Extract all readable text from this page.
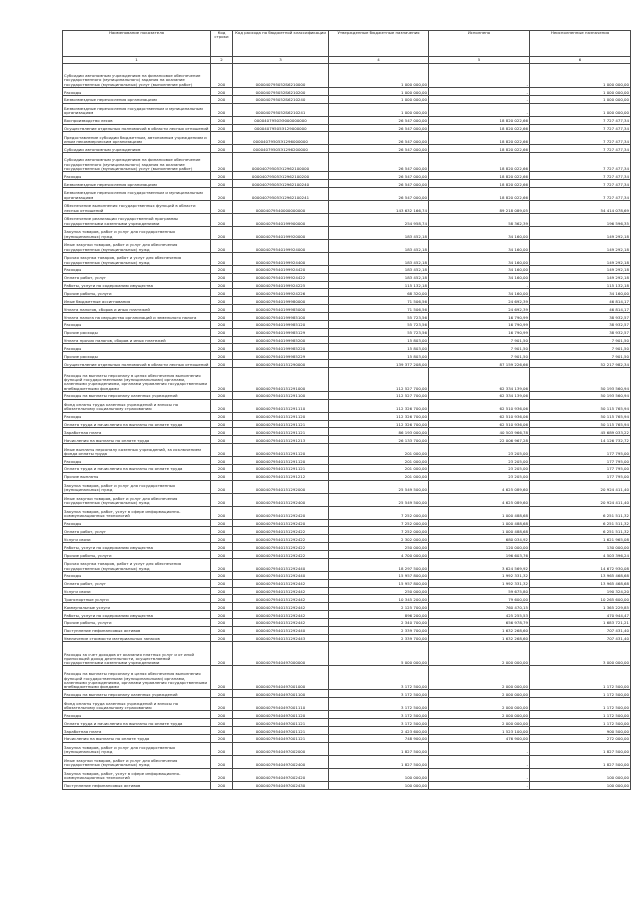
Наименование показателя	Код строки	Код расхода по бюджетной классификации	Утвержденные бюджетные назначения	Исполнено	Неисполненные назначения
1	2	3	4	5	6
Субсидии автономным учреждениям на финансовое обеспечение государственного (муниципального) задания на оказание государственных (муниципальных) услуг (выполнение работ)	200	000040795052Б6210000	1 000 000,00	-	1 000 000,00
Расходы	200	000040795052Б6210200	1 000 000,00	-	1 000 000,00
Безвозмездные перечисления организациям	200	000040795052Б6210240	1 000 000,00	-	1 000 000,00
Безвозмездные перечисления государственным и муниципальным организациям	200	000040795052Б6210241	1 000 000,00	-	1 000 000,00
Воспроизводство лесов	200	0000407950ЭЭ000000000	26 547 000,00	18 820 022,66	7 727 477,34
Осуществление отдельных полномочий в области лесных отношений	200	00004079505Э129000000	26 547 000,00	18 820 022,66	7 727 477,34
Предоставление субсидии бюджетным, автономным учреждениям и иным некоммерческим организациям	200	00004079505Э1296000000	26 547 000,00	18 820 022,66	7 727 477,34
Субсидии автономным учреждениям	200	00004079505Э1296200000	26 547 000,00	18 820 022,66	7 727 477,34
Субсидии автономным учреждениям на финансовое обеспечение государственного (муниципального) задания на оказание государственных (муниципальных) услуг (выполнение работ)	200	00004079505Э12962100000	26 547 000,00	18 820 022,66	7 727 477,34
Расходы	200	00004079505Э12962100200	26 547 000,00	18 820 022,66	7 727 477,34
Безвозмездные перечисления организациям	200	00004079505Э12962100240	26 547 000,00	18 820 022,66	7 727 477,34
Безвозмездные перечисления государственным и муниципальным организациям	200	00004079505Э12962100241	26 547 000,00	18 820 022,66	7 727 477,34
Обеспечение выполнения государственных функций в области лесных отношений	200	00004079540000000000	143 632 166,74	89 218 089,05	54 414 078,69
Обеспечение реализации государственной программы государственными казенными учреждениями	200	00004079540199900000	254 958,74	58 362,39	196 596,35
Закупка товаров, работ и услуг для государственных (муниципальных) нужд	200	00004079540199920000	183 452,18	34 160,00	149 292,18
Иные закупки товаров, работ и услуг для обеспечения государственных (муниципальных) нужд	200	00004079540199924000	183 452,18	34 160,00	149 292,18
Прочая закупка товаров, работ и услуг для обеспечения государственных (муниципальных) нужд	200	00004079540199924400	183 452,18	34 160,00	149 292,18
Расходы	200	00004079540199924420	183 452,18	34 160,00	149 292,18
Оплата работ, услуг	200	00004079540199924422	183 452,18	34 160,00	149 292,18
Работы, услуги по содержанию имущества	200	00004079540199924225	115 132,18	-	115 132,18
Прочие работы, услуги	200	00004079540199924226	68 320,00	34 160,00	34 160,00
Иные бюджетные ассигнования	200	00004079540199980000	71 506,56	24 692,39	46 814,17
Уплата налогов, сборов и иных платежей	200	00004079540199985000	71 506,56	24 692,39	46 814,17
Уплата налога на имущество организаций и земельного налога	200	00004079540199985100	55 723,56	16 790,99	38 932,57
Расходы	200	00004079540199985120	55 723,56	16 790,99	38 932,57
Прочие расходы	200	00004079540199985129	55 723,56	16 790,99	38 932,57
Уплата прочих налогов, сборов и иных платежей	200	00004079540199985200	15 803,00	7 901,50	7 901,50
Расходы	200	00004079540199985220	15 803,00	7 901,50	7 901,50
Прочие расходы	200	00004079540199985229	15 803,00	7 901,50	7 901,50
Осуществление отдельных полномочий в области лесных отношений	200	00004079540151290000	139 377 208,00	87 159 226,66	52 217 982,34
Расходы на выплаты персоналу в целях обеспечения выполнения функций государственными (муниципальными) органами, казенными учреждениями, органами управления государственными внебюджетными фондами	200	00004079540151291000	112 527 700,00	62 334 139,06	50 193 560,94
Расходы на выплаты персоналу казенных учреждений	200	00004079540151291100	112 527 700,00	62 334 139,06	50 193 560,94
Фонд оплаты труда казенных учреждений и взносы по обязательному социальному страхованию	200	00004079540151291110	112 326 700,00	62 510 936,06	50 115 765,94
Расходы	200	00004079540151291120	112 326 700,00	62 510 936,06	50 115 765,94
Оплата труда и начисления на выплаты по оплате труда	200	00004079540151291121	112 326 700,00	62 510 936,06	50 115 765,94
Заработная плата	200	00004079540151291121	86 193 000,00	40 503 966,78	45 689 033,22
Начисления на выплаты по оплате труда	200	00004079540151291213	26 133 700,00	22 006 967,28	14 126 732,72
Иные выплаты персоналу казенных учреждений, за исключением фонда оплаты труда	200	00004079540151291120	201 000,00	23 205,00	177 795,00
Расходы	200	00004079540151291120	201 000,00	23 205,00	177 795,00
Оплата труда и начисления на выплаты по оплате труда	200	00004079540151291121	201 000,00	23 205,00	177 795,00
Прочие выплаты	200	00004079540151291212	201 000,00	23 205,00	177 795,00
Закупка товаров, работ и услуг для государственных (муниципальных) нужд	200	00004079540151292000	25 549 500,00	4 625 089,60	20 924 411,40
Иные закупки товаров, работ и услуг для обеспечения государственных (муниципальных) нужд	200	00004079540151292400	25 549 500,00	4 625 089,60	20 924 411,40
Закупка товаров, работ, услуг в сфере информационно-коммуникационных технологий	200	00004079540151292420	7 252 000,00	1 000 488,68	6 251 511,32
Расходы	200	00004079540151292420	7 252 000,00	1 000 488,68	6 251 511,32
Оплата работ, услуг	200	00004079540151292422	7 252 000,00	1 000 488,68	6 251 511,32
Услуги связи	200	00004079540151292422	2 302 000,00	680 034,92	1 621 965,08
Работы, услуги по содержанию имущества	200	00004079540151292422	250 000,00	120 000,00	130 000,00
Прочие работы, услуги	200	00004079540151292422	4 700 000,00	196 603,76	4 503 396,24
Прочая закупка товаров, работ и услуг для обеспечения государственных (муниципальных) нужд	200	00004079540151292440	18 297 500,00	3 624 569,92	14 672 930,08
Расходы	200	00004079540151292440	15 957 800,00	1 992 331,32	13 965 468,68
Оплата работ, услуг	200	00004079540151292442	15 957 800,00	1 992 331,32	13 965 468,68
Услуги связи	200	00004079540151292442	250 000,00	59 675,80	190 324,20
Транспортные услуги	200	00004079540151292442	10 345 200,00	79 600,00	10 265 600,00
Коммунальные услуги	200	00004079540151292442	2 125 700,00	760 470,15	1 365 229,85
Работы, услуги по содержанию имущества	200	00004079540151292442	896 200,00	425 255,53	470 944,47
Прочие работы, услуги	200	00004079540151292442	2 340 700,00	656 978,79	1 683 721,21
Поступление нефинансовых активов	200	00004079540151292440	2 339 700,00	1 632 268,60	707 431,40
Увеличение стоимости материальных запасов	200	00004079540151292443	2 339 700,00	1 632 268,60	707 431,40
Расходы за счет доходов от оказания платных услуг и от иной приносящей доход деятельности, осуществляемой государственными казенными учреждениями	200	00004079540497000000	5 000 000,00	2 000 000,00	3 000 000,00
Расходы на выплаты персоналу в целях обеспечения выполнения функций государственными (муниципальными) органами, казенными учреждениями, органами управления государственными внебюджетными фондами	200	00004079540497001000	3 172 500,00	2 000 000,00	1 172 500,00
Расходы на выплаты персоналу казенных учреждений	200	00004079540497001100	3 172 500,00	2 000 000,00	1 172 500,00
Фонд оплаты труда казенных учреждений и взносы по обязательному социальному страхованию	200	00004079540497001110	3 172 500,00	2 000 000,00	1 172 500,00
Расходы	200	00004079540497001120	3 172 500,00	2 000 000,00	1 172 500,00
Оплата труда и начисления на выплаты по оплате труда	200	00004079540497001121	3 172 500,00	2 000 000,00	1 172 500,00
Заработная плата	200	00004079540497001121	2 423 600,00	1 523 100,00	900 500,00
Начисления на выплаты по оплате труда	200	00004079540497001121	748 900,00	476 900,00	272 000,00
Закупка товаров, работ и услуг для государственных (муниципальных) нужд	200	00004079540497002000	1 827 500,00	-	1 827 500,00
Иные закупки товаров, работ и услуг для обеспечения государственных (муниципальных) нужд	200	00004079540497002400	1 827 500,00	-	1 827 500,00
Закупка товаров, работ, услуг в сфере информационно-коммуникационных технологий	200	00004079540497002420	100 000,00	-	100 000,00
Поступление нефинансовых активов	200	00004079540497002430	100 000,00	-	100 000,00
